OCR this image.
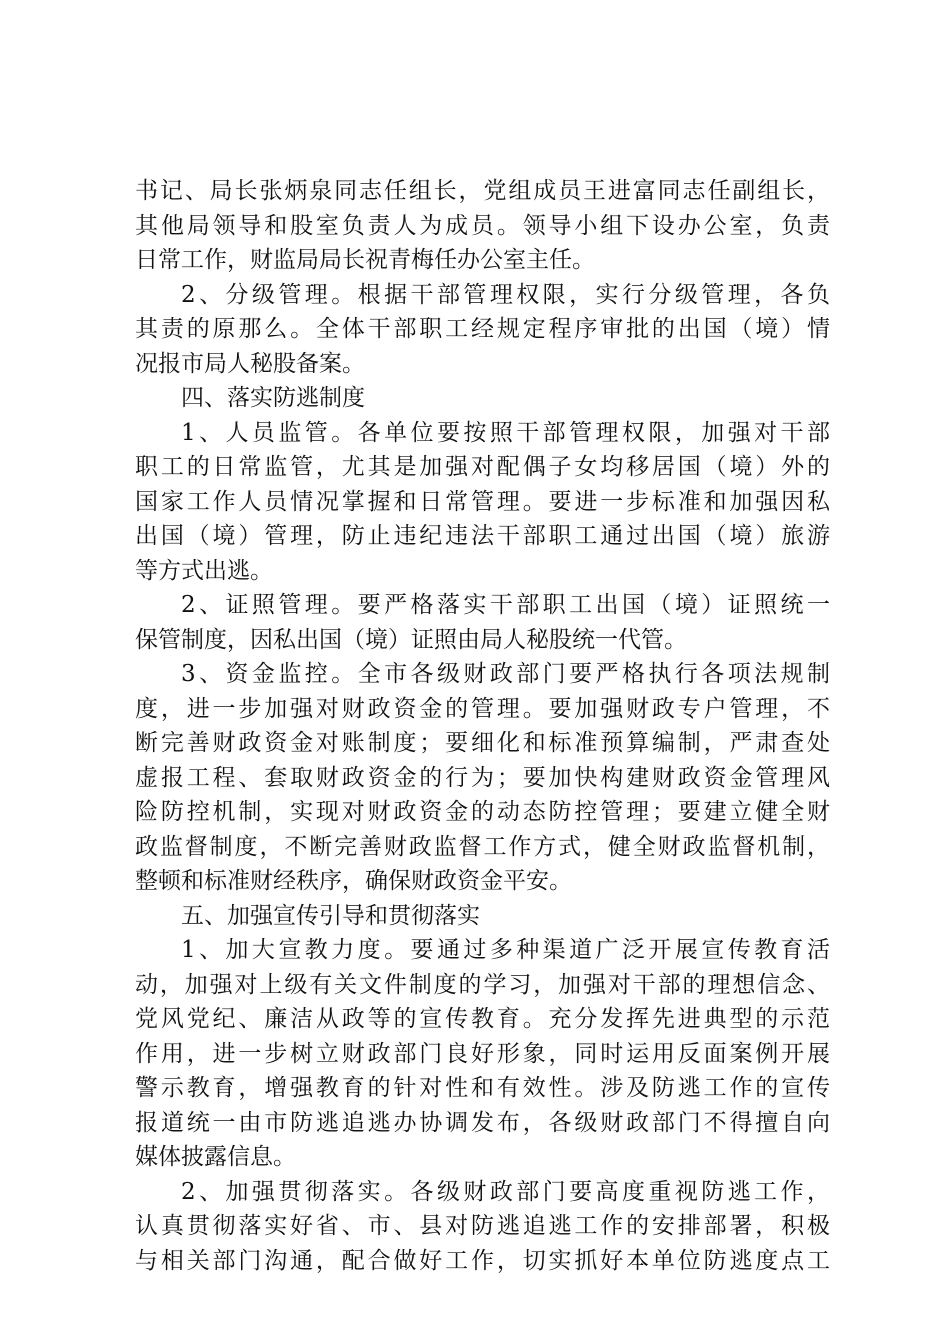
书记、局长张炳泉同志任组长，党组成员王进富同志任副组长，
其他局领导和股室负责人为成员。领导小组下设办公室，负责
日常工作，财监局局长祝青梅任办公室主任。
2、分级管理。根据干部管理权限，实行分级管理，各负
其责的原那么。全体干部职工经规定程序审批的出国（境）情
况报市局人秘股备案。
四、落实防逃制度
1、人员监管。各单位要按照干部管理权限，加强对干部
职工的日常监管，尤其是加强对配偶子女均移居国（境）外的
国家工作人员情况掌握和日常管理。要进一步标准和加强因私
出国（境）管理，防止违纪违法干部职工通过出国（境）旅游
等方式出逃。
2、证照管理。要严格落实干部职工出国（境）证照统一
保管制度，因私出国（境）证照由局人秘股统一代管。
3、资金监控。全市各级财政部门要严格执行各项法规制
度，进一步加强对财政资金的管理。要加强财政专户管理，不
断完善财政资金对账制度；要细化和标准预算编制，严肃查处
虚报工程、套取财政资金的行为；要加快构建财政资金管理风
险防控机制，实现对财政资金的动态防控管理；要建立健全财
政监督制度，不断完善财政监督工作方式，健全财政监督机制，
整顿和标准财经秩序，确保财政资金平安。
五、加强宣传引导和贯彻落实
1、加大宣教力度。要通过多种渠道广泛开展宣传教育活
动，加强对上级有关文件制度的学习，加强对干部的理想信念、
党风党纪、廉洁从政等的宣传教育。充分发挥先进典型的示范
作用，进一步树立财政部门良好形象，同时运用反面案例开展
警示教育，增强教育的针对性和有效性。涉及防逃工作的宣传
报道统一由市防逃追逃办协调发布，各级财政部门不得擅自向
媒体披露信息。
2、加强贯彻落实。各级财政部门要高度重视防逃工作，
认真贯彻落实好省、市、县对防逃追逃工作的安排部署，积极
与相关部门沟通，配合做好工作，切实抓好本单位防逃度点工
